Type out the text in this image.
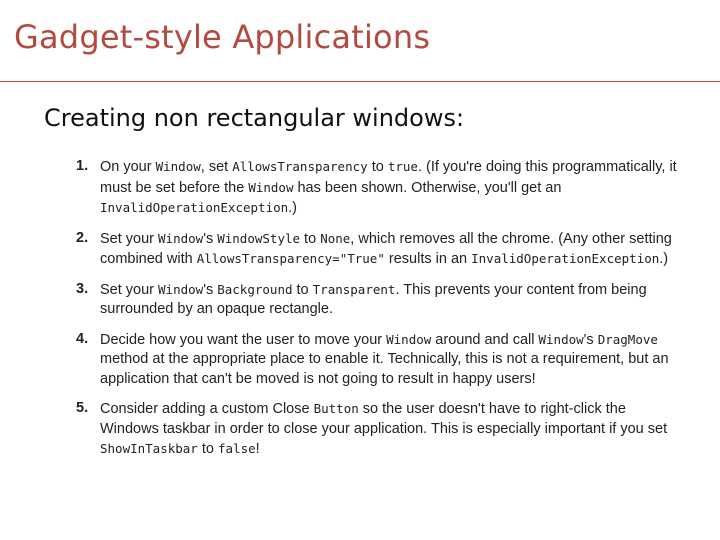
Gadget-style Applications
Creating non rectangular windows:
1. On your Window, set AllowsTransparency to true. (If you're doing this programmatically, it must be set before the Window has been shown. Otherwise, you'll get an InvalidOperationException.)
2. Set your Window's WindowStyle to None, which removes all the chrome. (Any other setting combined with AllowsTransparency="True" results in an InvalidOperationException.)
3. Set your Window's Background to Transparent. This prevents your content from being surrounded by an opaque rectangle.
4. Decide how you want the user to move your Window around and call Window's DragMove method at the appropriate place to enable it. Technically, this is not a requirement, but an application that can't be moved is not going to result in happy users!
5. Consider adding a custom Close Button so the user doesn't have to right-click the Windows taskbar in order to close your application. This is especially important if you set ShowInTaskbar to false!
